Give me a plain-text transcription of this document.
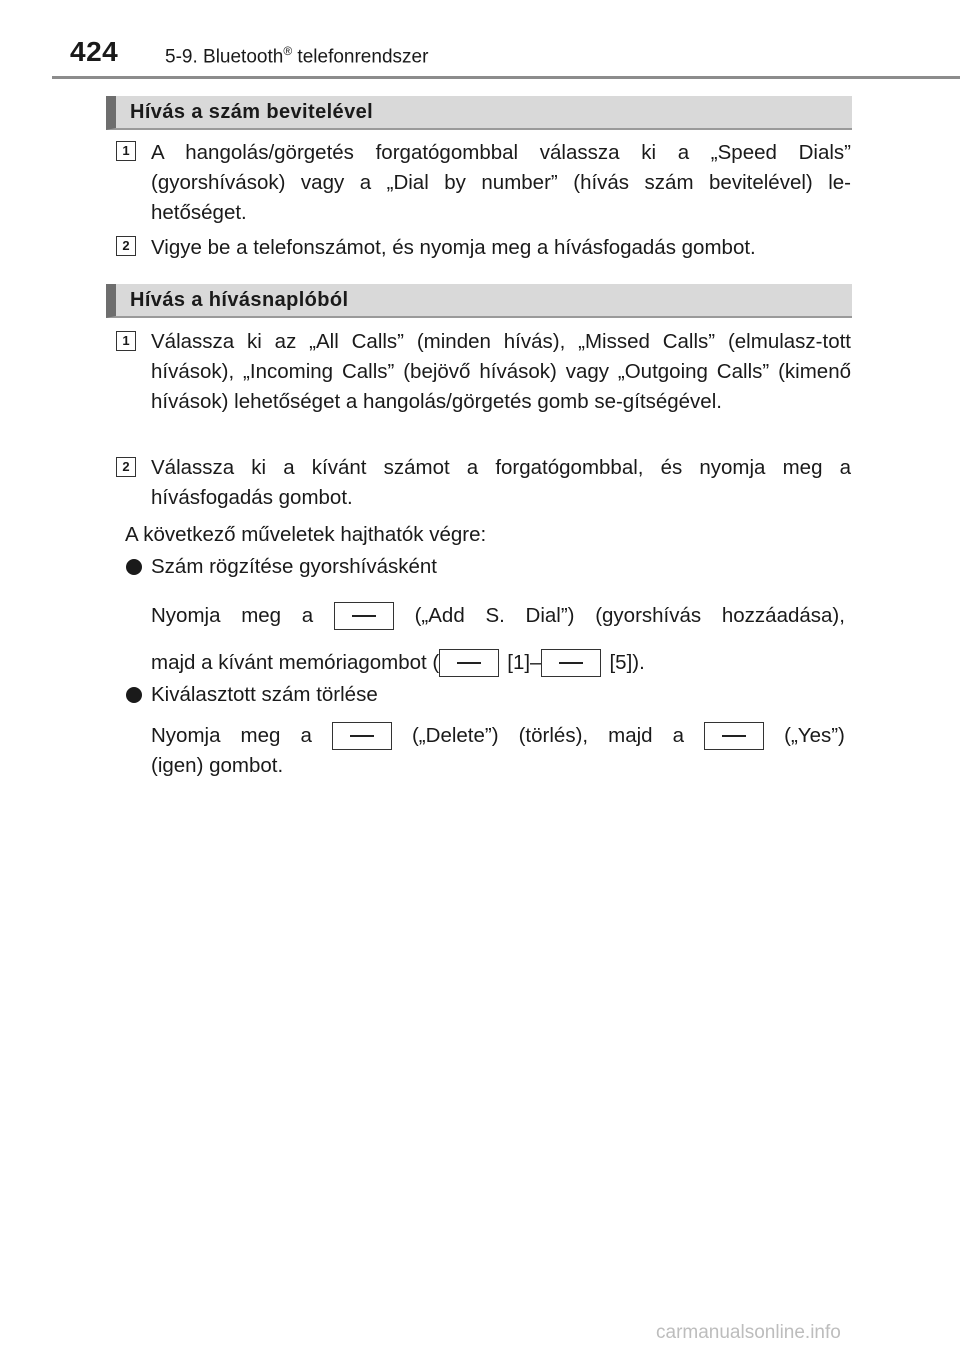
424 5-9. Bluetooth® telefonrendszer
Hívás a szám bevitelével
1	A hangolás/görgetés forgatógombbal válassza ki a „Speed Dials” (gyorshívások) vagy a „Dial by number” (hívás szám bevitelével) le-hetőséget.
2	Vigye be a telefonszámot, és nyomja meg a hívásfogadás gombot.
Hívás a hívásnaplóból
1	Válassza ki az „All Calls” (minden hívás), „Missed Calls” (elmulasz-tott hívások), „Incoming Calls” (bejövő hívások) vagy „Outgoing Calls” (kimenő hívások) lehetőséget a hangolás/görgetés gomb se-gítségével.
2	Válassza ki a kívánt számot a forgatógombbal, és nyomja meg a hívásfogadás gombot.
A következő műveletek hajthatók végre:
Szám rögzítése gyorshívásként
Nyomja meg a	(„Add S. Dial”) (gyorshívás hozzáadása),
majd a kívánt memóriagombot (	[1]–	[5]).
Kiválasztott szám törlése
Nyomja meg a	(„Delete”) (törlés), majd a	(„Yes”)
(igen) gombot.
carmanualsonline.info
